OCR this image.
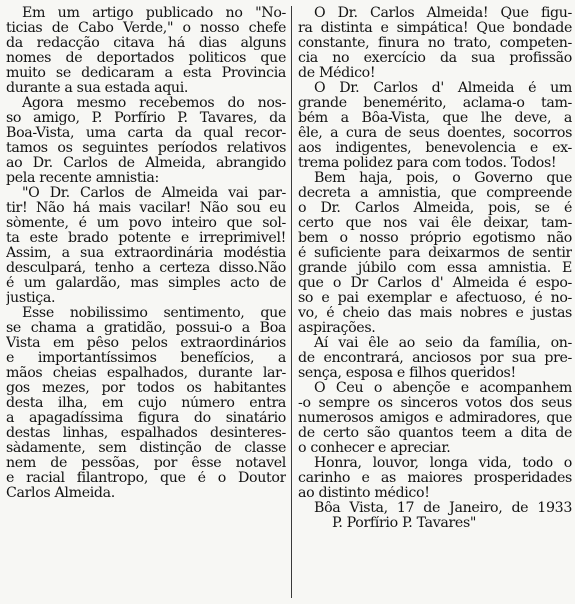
Em um artigo publicado no "No-
ticias de Cabo Verde," o nosso chefe
da redacção citava há dias alguns
nomes de deportados politicos que
muito se dedicaram a esta Provincia
durante a sua estada aqui.
Agora mesmo recebemos do nos-
so amigo, P. Porfírio P. Tavares, da
Boa-Vista, uma carta da qual recor-
tamos os seguintes períodos relativos
ao Dr. Carlos de Almeida, abrangido
pela recente amnistia:
"O Dr. Carlos de Almeida vai par-
tir! Não há mais vacilar! Não sou eu
sòmente, é um povo inteiro que sol-
ta este brado potente e irreprimivel!
Assim, a sua extraordinária modéstia
desculpará, tenho a certeza disso.Não
é um galardão, mas simples acto de
justiça.
Esse nobilissimo sentimento, que
se chama a gratidão, possui-o a Boa
Vista em pêso pelos extraordinários
e importantíssimos benefícios, a
mãos cheias espalhados, durante lar-
gos mezes, por todos os habitantes
desta ilha, em cujo número entra
a apagadíssima figura do sinatário
destas linhas, espalhados desinteres-
sàdamente, sem distinção de classe
nem de pessõas, por êsse notavel
e racial filantropo, que é o Doutor
Carlos Almeida.
O Dr. Carlos Almeida! Que figu-
ra distinta e simpática! Que bondade
constante, finura no trato, competen-
cia no exercício da sua profissão
de Médico!
O Dr. Carlos d' Almeida é um
grande benemérito, aclama-o tam-
bém a Bôa-Vista, que lhe deve, a
êle, a cura de seus doentes, socorros
aos indigentes, benevolencia e ex-
trema polidez para com todos. Todos!
Bem haja, pois, o Governo que
decreta a amnistia, que compreende
o Dr. Carlos Almeida, pois, se é
certo que nos vai êle deixar, tam-
bem o nosso próprio egotismo não
é suficiente para deixarmos de sentir
grande júbilo com essa amnistia. É
que o Dr Carlos d' Almeida é espo-
so e pai exemplar e afectuoso, é no-
vo, é cheio das mais nobres e justas
aspirações.
Aí vai êle ao seio da família, on-
de encontrará, anciosos por sua pre-
sença, esposa e filhos queridos!
O Ceu o abençõe e acompanhem
-o sempre os sinceros votos dos seus
numerosos amigos e admiradores, que
de certo são quantos teem a dita de
o conhecer e apreciar.
Honra, louvor, longa vida, todo o
carinho e as maiores prosperidades
ao distinto médico!
Bôa Vista, 17 de Janeiro, de 1933
P. Porfírio P. Tavares"
